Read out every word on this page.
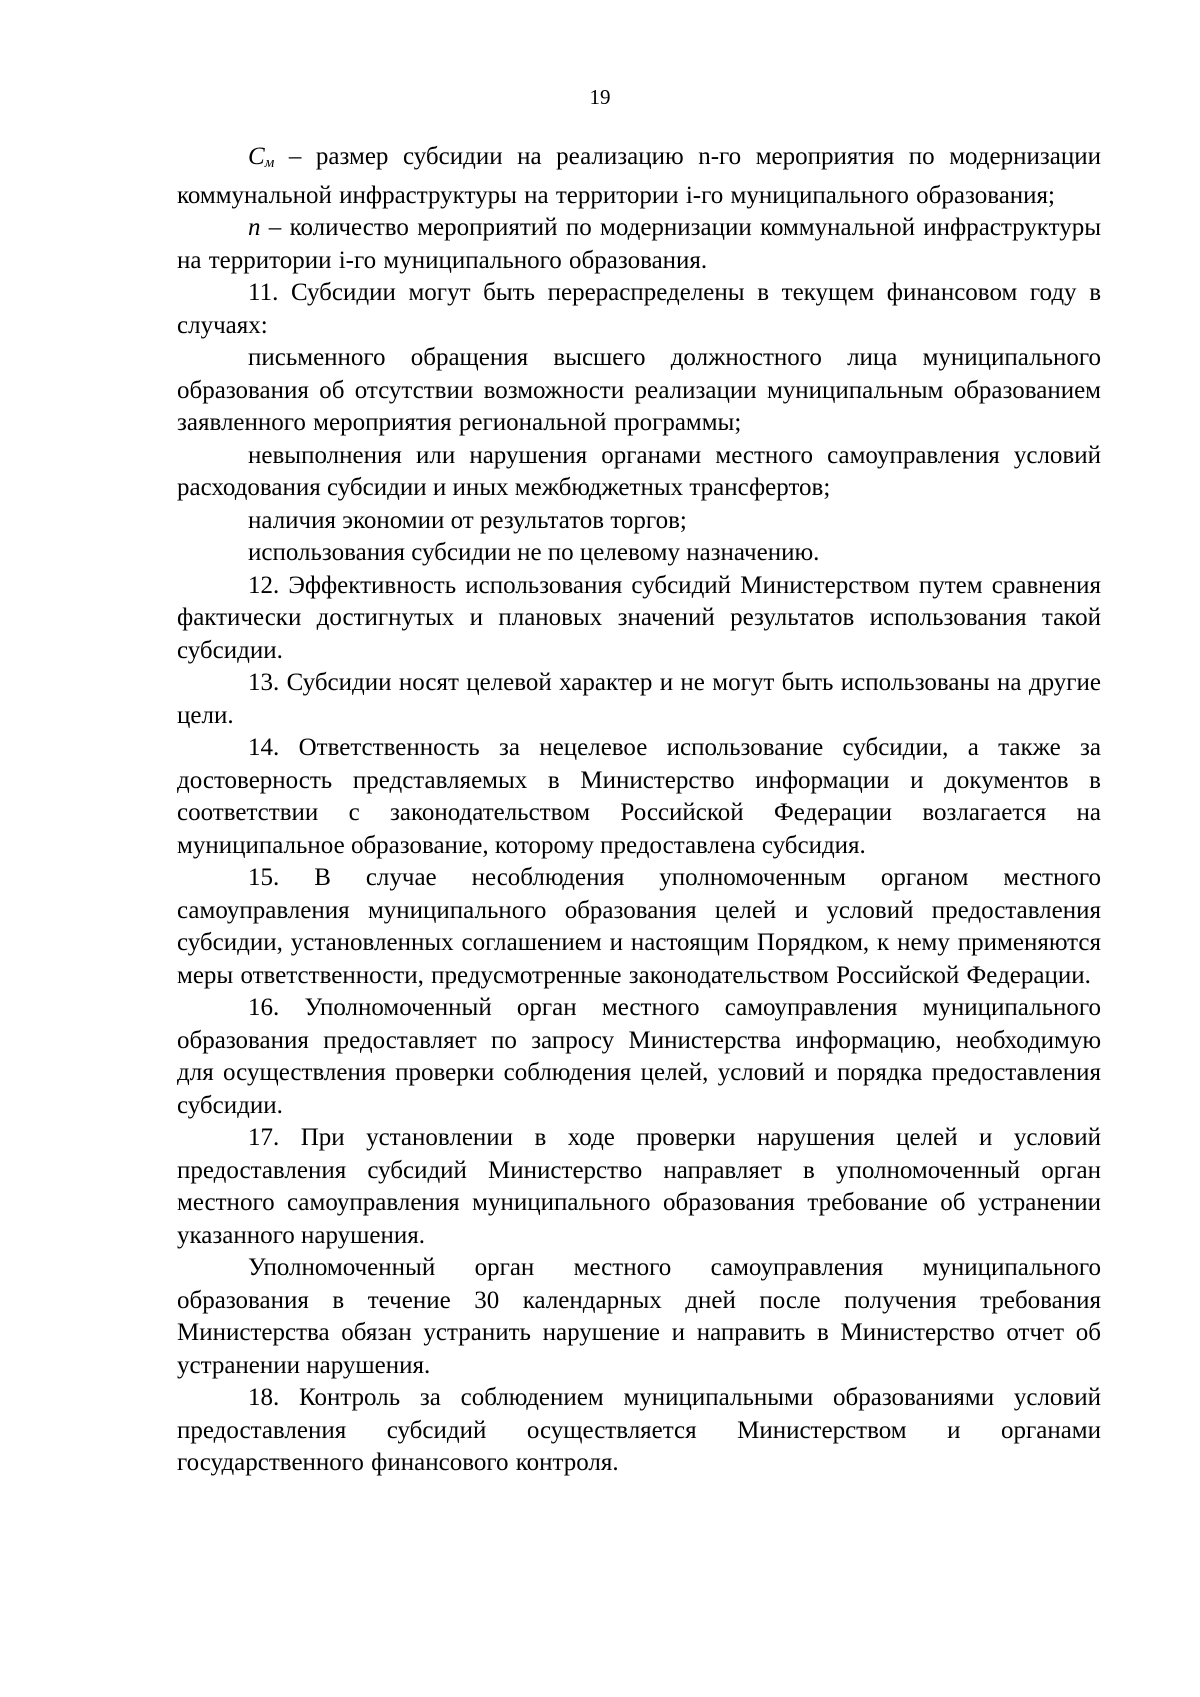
19

$C_м$ – размер субсидии на реализацию n-го мероприятия по модернизации коммунальной инфраструктуры на территории i-го муниципального образования;

n – количество мероприятий по модернизации коммунальной инфраструктуры на территории i-го муниципального образования.

11. Субсидии могут быть перераспределены в текущем финансовом году в случаях:

письменного обращения высшего должностного лица муниципального образования об отсутствии возможности реализации муниципальным образованием заявленного мероприятия региональной программы;

невыполнения или нарушения органами местного самоуправления условий расходования субсидии и иных межбюджетных трансфертов;

наличия экономии от результатов торгов;

использования субсидии не по целевому назначению.

12. Эффективность использования субсидий Министерством путем сравнения фактически достигнутых и плановых значений результатов использования такой субсидии.

13. Субсидии носят целевой характер и не могут быть использованы на другие цели.

14. Ответственность за нецелевое использование субсидии, а также за достоверность представляемых в Министерство информации и документов в соответствии с законодательством Российской Федерации возлагается на муниципальное образование, которому предоставлена субсидия.

15. В случае несоблюдения уполномоченным органом местного самоуправления муниципального образования целей и условий предоставления субсидии, установленных соглашением и настоящим Порядком, к нему применяются меры ответственности, предусмотренные законодательством Российской Федерации.

16. Уполномоченный орган местного самоуправления муниципального образования предоставляет по запросу Министерства информацию, необходимую для осуществления проверки соблюдения целей, условий и порядка предоставления субсидии.

17. При установлении в ходе проверки нарушения целей и условий предоставления субсидий Министерство направляет в уполномоченный орган местного самоуправления муниципального образования требование об устранении указанного нарушения.

Уполномоченный орган местного самоуправления муниципального образования в течение 30 календарных дней после получения требования Министерства обязан устранить нарушение и направить в Министерство отчет об устранении нарушения.

18. Контроль за соблюдением муниципальными образованиями условий предоставления субсидий осуществляется Министерством и органами государственного финансового контроля.
